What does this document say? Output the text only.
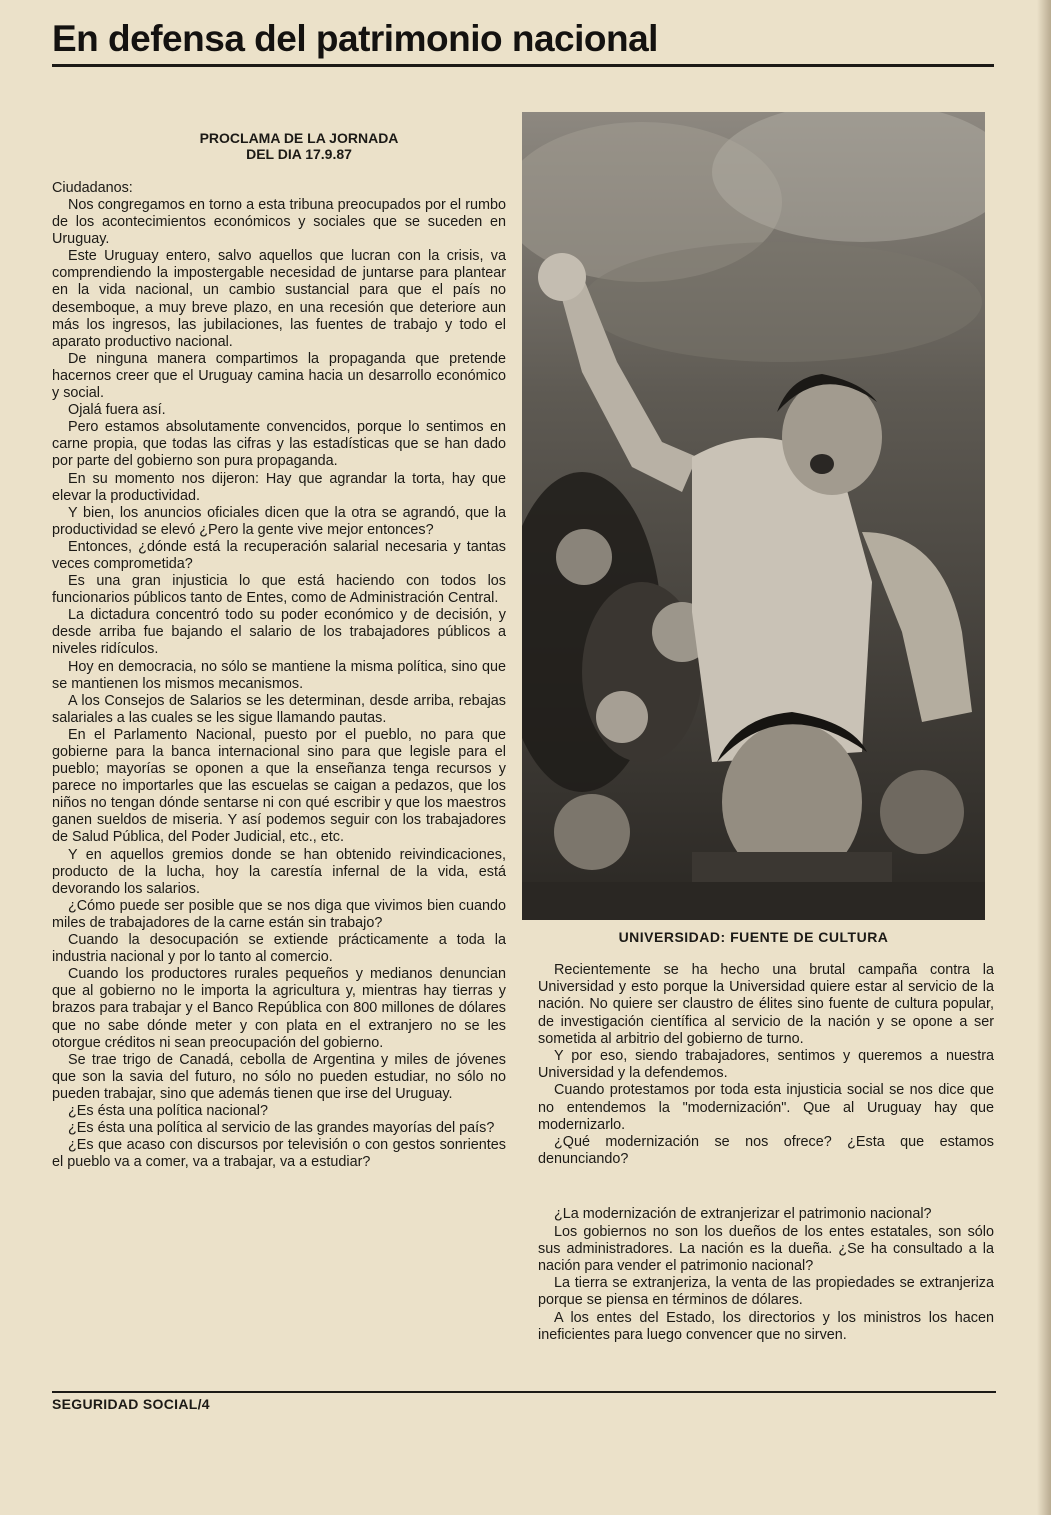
En defensa del patrimonio nacional

PROCLAMA DE LA JORNADA
DEL DIA 17.9.87

Ciudadanos:

Nos congregamos en torno a esta tribuna preocupados por el rumbo de los acontecimientos económicos y sociales que se suceden en Uruguay.

Este Uruguay entero, salvo aquellos que lucran con la crisis, va comprendiendo la impostergable necesidad de juntarse para plantear en la vida nacional, un cambio sustancial para que el país no desemboque, a muy breve plazo, en una recesión que deteriore aun más los ingresos, las jubilaciones, las fuentes de trabajo y todo el aparato productivo nacional.

De ninguna manera compartimos la propaganda que pretende hacernos creer que el Uruguay camina hacia un desarrollo económico y social.

Ojalá fuera así.

Pero estamos absolutamente convencidos, porque lo sentimos en carne propia, que todas las cifras y las estadísticas que se han dado por parte del gobierno son pura propaganda.

En su momento nos dijeron: Hay que agrandar la torta, hay que elevar la productividad.

Y bien, los anuncios oficiales dicen que la otra se agrandó, que la productividad se elevó ¿Pero la gente vive mejor entonces?

Entonces, ¿dónde está la recuperación salarial necesaria y tantas veces comprometida?

Es una gran injusticia lo que está haciendo con todos los funcionarios públicos tanto de Entes, como de Administración Central.

La dictadura concentró todo su poder económico y de decisión, y desde arriba fue bajando el salario de los trabajadores públicos a niveles ridículos.

Hoy en democracia, no sólo se mantiene la misma política, sino que se mantienen los mismos mecanismos.

A los Consejos de Salarios se les determinan, desde arriba, rebajas salariales a las cuales se les sigue llamando pautas.

En el Parlamento Nacional, puesto por el pueblo, no para que gobierne para la banca internacional sino para que legisle para el pueblo; mayorías se oponen a que la enseñanza tenga recursos y parece no importarles que las escuelas se caigan a pedazos, que los niños no tengan dónde sentarse ni con qué escribir y que los maestros ganen sueldos de miseria. Y así podemos seguir con los trabajadores de Salud Pública, del Poder Judicial, etc., etc.

Y en aquellos gremios donde se han obtenido reivindicaciones, producto de la lucha, hoy la carestía infernal de la vida, está devorando los salarios.

¿Cómo puede ser posible que se nos diga que vivimos bien cuando miles de trabajadores de la carne están sin trabajo?

Cuando la desocupación se extiende prácticamente a toda la industria nacional y por lo tanto al comercio.

Cuando los productores rurales pequeños y medianos denuncian que al gobierno no le importa la agricultura y, mientras hay tierras y brazos para trabajar y el Banco República con 800 millones de dólares que no sabe dónde meter y con plata en el extranjero no se les otorgue créditos ni sean preocupación del gobierno.

Se trae trigo de Canadá, cebolla de Argentina y miles de jóvenes que son la savia del futuro, no sólo no pueden estudiar, no sólo no pueden trabajar, sino que además tienen que irse del Uruguay.

¿Es ésta una política nacional?

¿Es ésta una política al servicio de las grandes mayorías del país?

¿Es que acaso con discursos por televisión o con gestos sonrientes el pueblo va a comer, va a trabajar, va a estudiar?

UNIVERSIDAD: FUENTE DE CULTURA

Recientemente se ha hecho una brutal campaña contra la Universidad y esto porque la Universidad quiere estar al servicio de la nación. No quiere ser claustro de élites sino fuente de cultura popular, de investigación científica al servicio de la nación y se opone a ser sometida al arbitrio del gobierno de turno.

Y por eso, siendo trabajadores, sentimos y queremos a nuestra Universidad y la defendemos.

Cuando protestamos por toda esta injusticia social se nos dice que no entendemos la "modernización". Que al Uruguay hay que modernizarlo.

¿Qué modernización se nos ofrece? ¿Esta que estamos denunciando?

¿La modernización de extranjerizar el patrimonio nacional?

Los gobiernos no son los dueños de los entes estatales, son sólo sus administradores. La nación es la dueña. ¿Se ha consultado a la nación para vender el patrimonio nacional?

La tierra se extranjeriza, la venta de las propiedades se extranjeriza porque se piensa en términos de dólares.

A los entes del Estado, los directorios y los ministros los hacen ineficientes para luego convencer que no sirven.

SEGURIDAD SOCIAL/4
